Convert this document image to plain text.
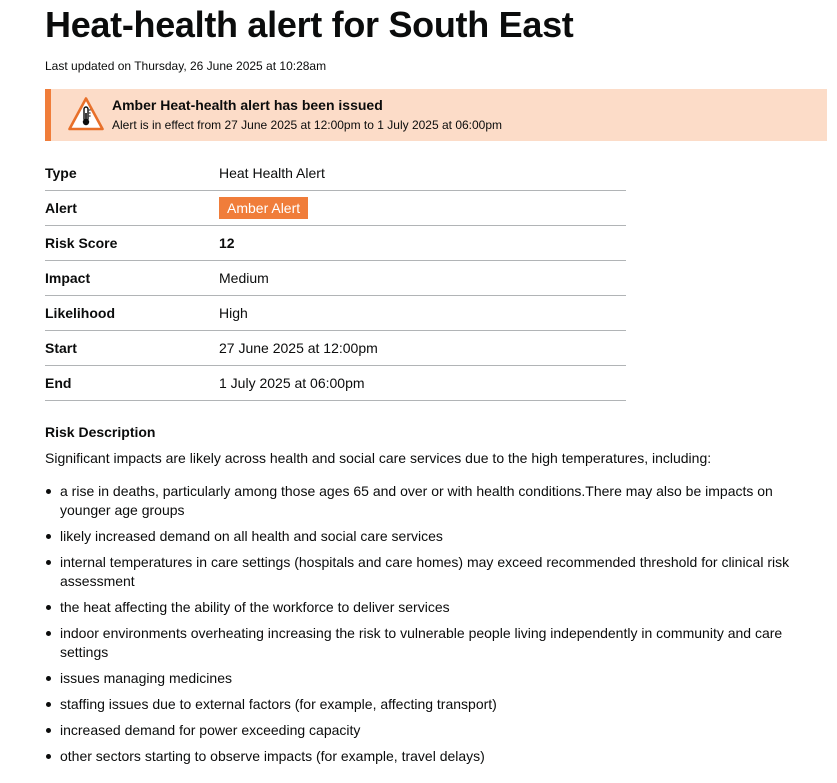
Heat-health alert for South East
Last updated on Thursday, 26 June 2025 at 10:28am
Amber Heat-health alert has been issued
Alert is in effect from 27 June 2025 at 12:00pm to 1 July 2025 at 06:00pm
Type	Heat Health Alert
Alert	Amber Alert
Risk Score	12
Impact	Medium
Likelihood	High
Start	27 June 2025 at 12:00pm
End	1 July 2025 at 06:00pm
Risk Description
Significant impacts are likely across health and social care services due to the high temperatures, including:
a rise in deaths, particularly among those ages 65 and over or with health conditions.There may also be impacts on younger age groups
likely increased demand on all health and social care services
internal temperatures in care settings (hospitals and care homes) may exceed recommended threshold for clinical risk assessment
the heat affecting the ability of the workforce to deliver services
indoor environments overheating increasing the risk to vulnerable people living independently in community and care settings
issues managing medicines
staffing issues due to external factors (for example, affecting transport)
increased demand for power exceeding capacity
other sectors starting to observe impacts (for example, travel delays)
